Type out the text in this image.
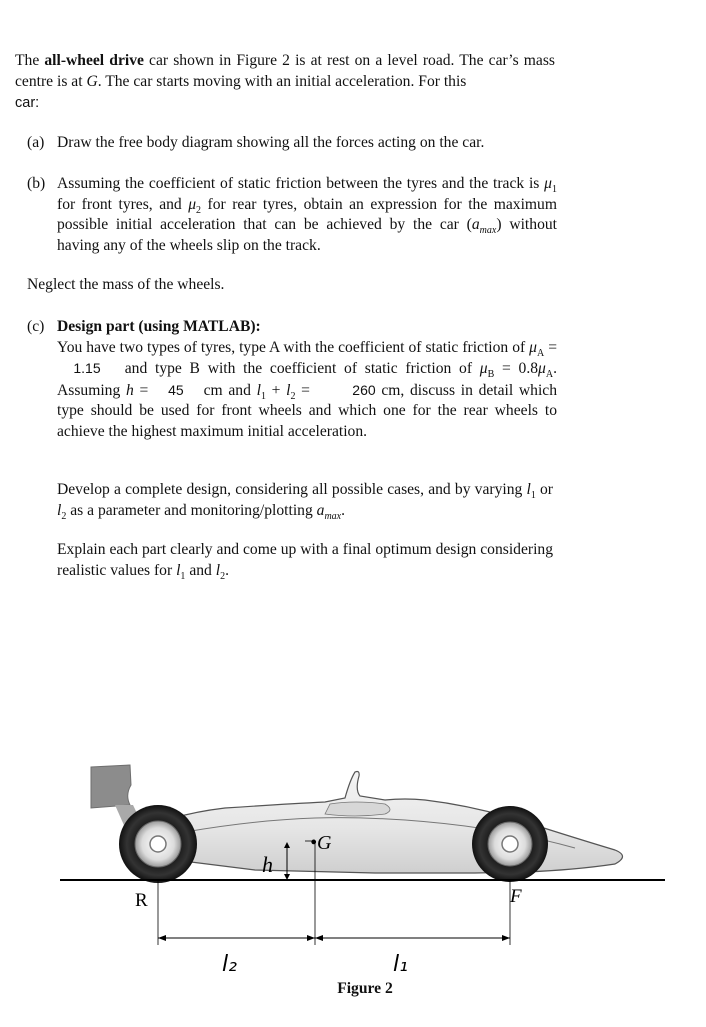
The all-wheel drive car shown in Figure 2 is at rest on a level road. The car’s mass centre is at G. The car starts moving with an initial acceleration. For this
car:
(a) Draw the free body diagram showing all the forces acting on the car.
(b) Assuming the coefficient of static friction between the tyres and the track is $\mu_1$ for front tyres, and $\mu_2$ for rear tyres, obtain an expression for the maximum possible initial acceleration that can be achieved by the car $(a_{max})$ without having any of the wheels slip on the track.
Neglect the mass of the wheels.
(c) Design part (using MATLAB):
You have two types of tyres, type A with the coefficient of static friction of $\mu_A = 1.15$ and type B with the coefficient of static friction of $\mu_B = 0.8\mu_A$. Assuming h = 45 cm and $l_1 + l_2$ =	260 cm, discuss in detail which type should be used for front wheels and which one for the rear wheels to achieve the highest maximum initial acceleration.
Develop a complete design, considering all possible cases, and by varying $l_1$ or $l_2$ as a parameter and monitoring/plotting $a_{max}$.
Explain each part clearly and come up with a final optimum design considering realistic values for $l_1$ and $l_2$.
•G
h
R	F
l₂	l₁
Figure 2
